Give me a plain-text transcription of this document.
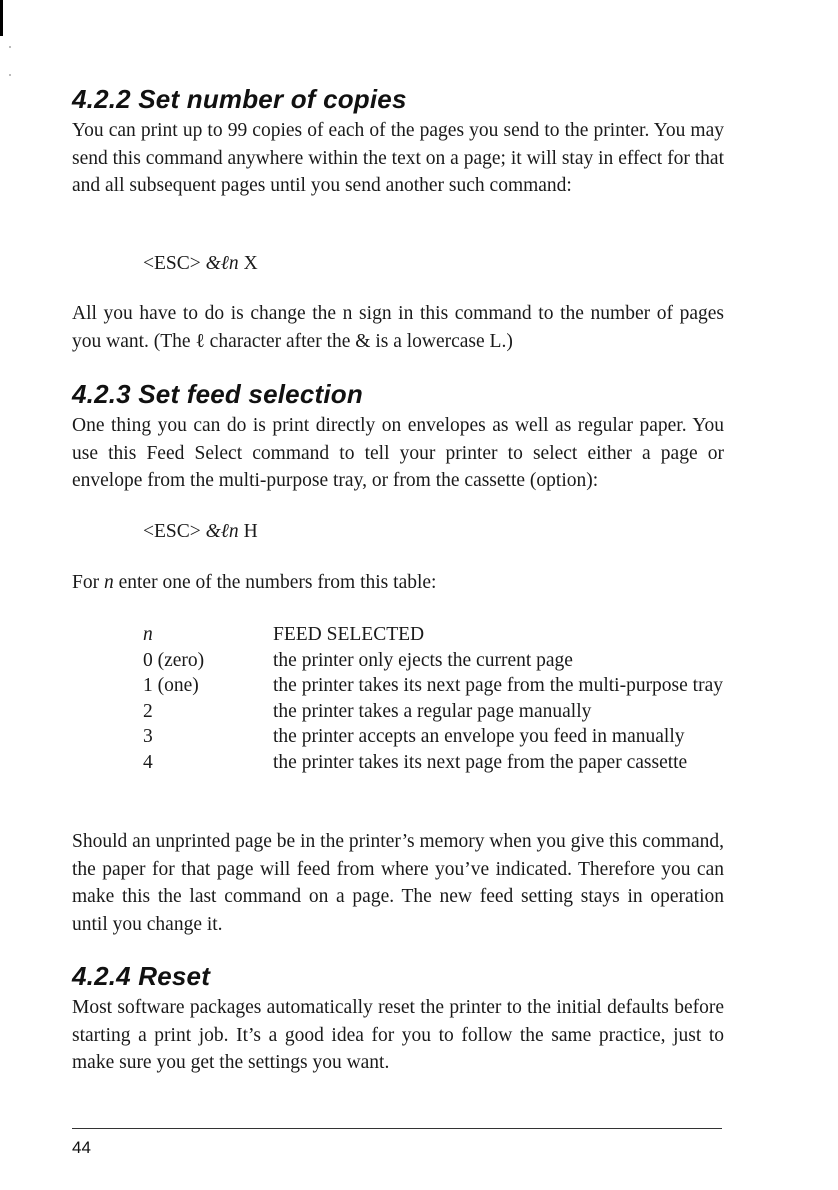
4.2.2 Set number of copies

You can print up to 99 copies of each of the pages you send to the printer. You may send this command anywhere within the text on a page; it will stay in effect for that and all subsequent pages until you send another such command:

<ESC> &ℓn X

All you have to do is change the n sign in this command to the number of pages you want. (The ℓ character after the & is a lowercase L.)

4.2.3 Set feed selection

One thing you can do is print directly on envelopes as well as regular paper. You use this Feed Select command to tell your printer to select either a page or envelope from the multi-purpose tray, or from the cassette (option):

<ESC> &ℓn H

For n enter one of the numbers from this table:

n	FEED SELECTED
0 (zero)	the printer only ejects the current page
1 (one)	the printer takes its next page from the multi-purpose tray
2	the printer takes a regular page manually
3	the printer accepts an envelope you feed in manually
4	the printer takes its next page from the paper cassette

Should an unprinted page be in the printer’s memory when you give this command, the paper for that page will feed from where you’ve indicated. Therefore you can make this the last command on a page. The new feed setting stays in operation until you change it.

4.2.4 Reset

Most software packages automatically reset the printer to the initial defaults before starting a print job. It’s a good idea for you to follow the same practice, just to make sure you get the settings you want.

44
